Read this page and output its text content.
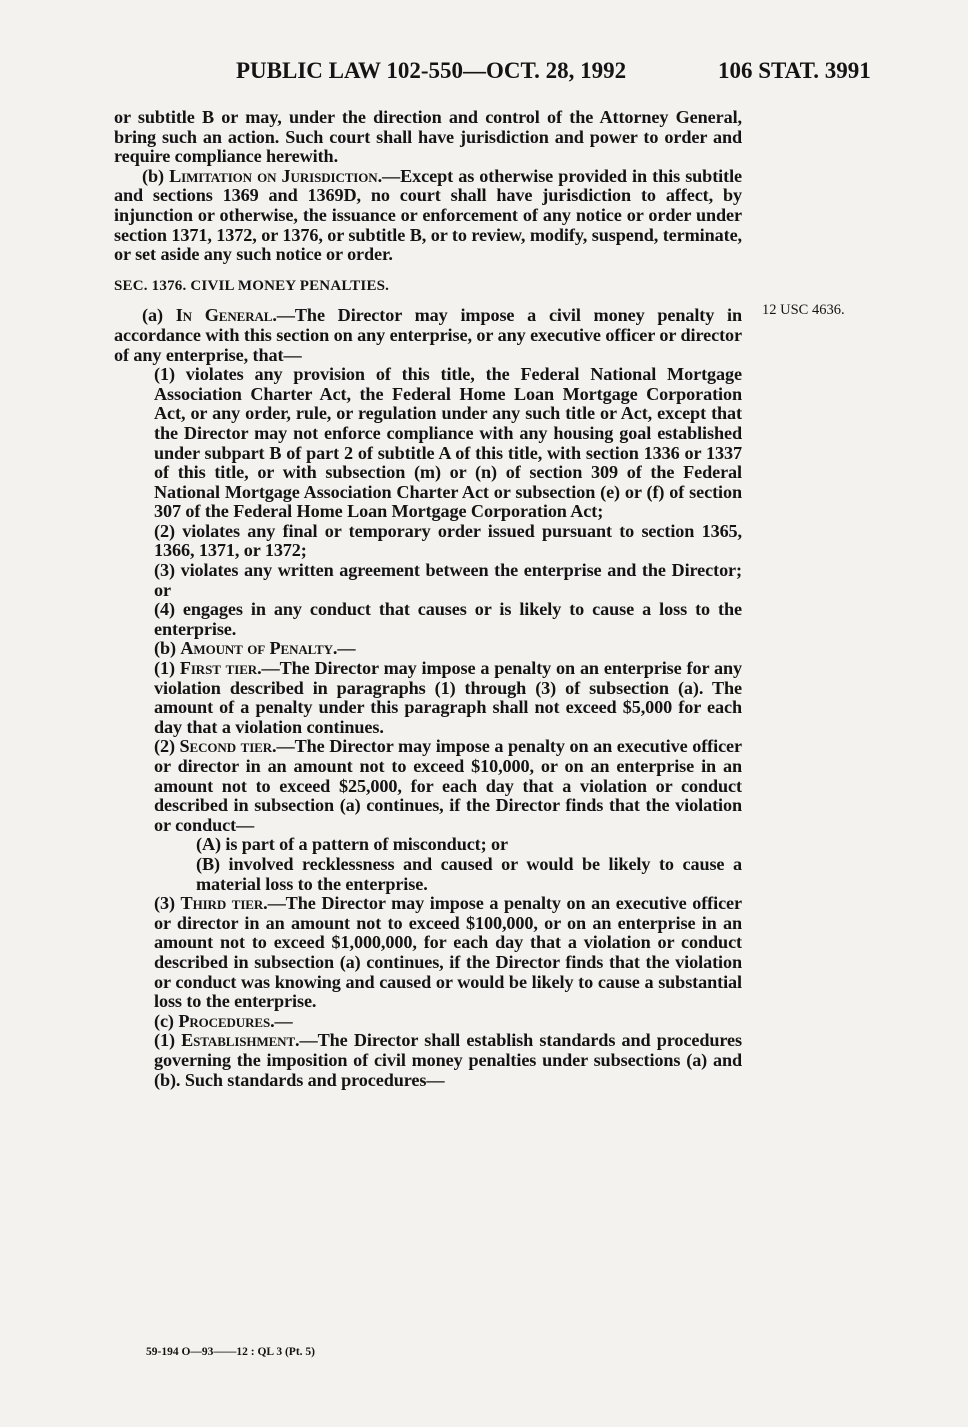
PUBLIC LAW 102-550—OCT. 28, 1992	106 STAT. 3991
12 USC 4636.

or subtitle B or may, under the direction and control of the Attorney General, bring such an action. Such court shall have jurisdiction and power to order and require compliance herewith.

(b) Limitation on Jurisdiction.—Except as otherwise provided in this subtitle and sections 1369 and 1369D, no court shall have jurisdiction to affect, by injunction or otherwise, the issuance or enforcement of any notice or order under section 1371, 1372, or 1376, or subtitle B, or to review, modify, suspend, terminate, or set aside any such notice or order.

SEC. 1376. CIVIL MONEY PENALTIES.

(a) In General.—The Director may impose a civil money penalty in accordance with this section on any enterprise, or any executive officer or director of any enterprise, that—

(1) violates any provision of this title, the Federal National Mortgage Association Charter Act, the Federal Home Loan Mortgage Corporation Act, or any order, rule, or regulation under any such title or Act, except that the Director may not enforce compliance with any housing goal established under subpart B of part 2 of subtitle A of this title, with section 1336 or 1337 of this title, or with subsection (m) or (n) of section 309 of the Federal National Mortgage Association Charter Act or subsection (e) or (f) of section 307 of the Federal Home Loan Mortgage Corporation Act;

(2) violates any final or temporary order issued pursuant to section 1365, 1366, 1371, or 1372;

(3) violates any written agreement between the enterprise and the Director; or

(4) engages in any conduct that causes or is likely to cause a loss to the enterprise.

(b) Amount of Penalty.—

(1) First tier.—The Director may impose a penalty on an enterprise for any violation described in paragraphs (1) through (3) of subsection (a). The amount of a penalty under this paragraph shall not exceed $5,000 for each day that a violation continues.

(2) Second tier.—The Director may impose a penalty on an executive officer or director in an amount not to exceed $10,000, or on an enterprise in an amount not to exceed $25,000, for each day that a violation or conduct described in subsection (a) continues, if the Director finds that the violation or conduct—

(A) is part of a pattern of misconduct; or

(B) involved recklessness and caused or would be likely to cause a material loss to the enterprise.

(3) Third tier.—The Director may impose a penalty on an executive officer or director in an amount not to exceed $100,000, or on an enterprise in an amount not to exceed $1,000,000, for each day that a violation or conduct described in subsection (a) continues, if the Director finds that the violation or conduct was knowing and caused or would be likely to cause a substantial loss to the enterprise.

(c) Procedures.—

(1) Establishment.—The Director shall establish standards and procedures governing the imposition of civil money penalties under subsections (a) and (b). Such standards and procedures—

59-194 O—93——12 : QL 3 (Pt. 5)
